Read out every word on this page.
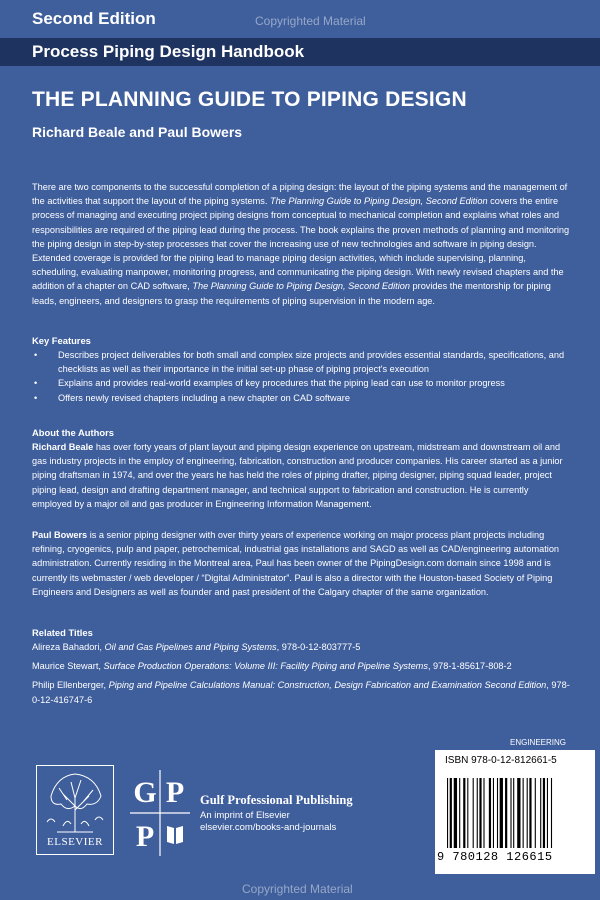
Second Edition	Copyrighted Material
Process Piping Design Handbook
THE PLANNING GUIDE TO PIPING DESIGN
Richard Beale and Paul Bowers

There are two components to the successful completion of a piping design: the layout of the piping systems and the management of the activities that support the layout of the piping systems. The Planning Guide to Piping Design, Second Edition covers the entire process of managing and executing project piping designs from conceptual to mechanical completion and explains what roles and responsibilities are required of the piping lead during the process. The book explains the proven methods of planning and monitoring the piping design in step-by-step processes that cover the increasing use of new technologies and software in piping design. Extended coverage is provided for the piping lead to manage piping design activities, which include supervising, planning, scheduling, evaluating manpower, monitoring progress, and communicating the piping design. With newly revised chapters and the addition of a chapter on CAD software, The Planning Guide to Piping Design, Second Edition provides the mentorship for piping leads, engineers, and designers to grasp the requirements of piping supervision in the modern age.

Key Features

• Describes project deliverables for both small and complex size projects and provides essential standards, specifications, and checklists as well as their importance in the initial set-up phase of piping project's execution
• Explains and provides real-world examples of key procedures that the piping lead can use to monitor progress
• Offers newly revised chapters including a new chapter on CAD software

About the Authors

Richard Beale has over forty years of plant layout and piping design experience on upstream, midstream and downstream oil and gas industry projects in the employ of engineering, fabrication, construction and producer companies. His career started as a junior piping draftsman in 1974, and over the years he has held the roles of piping drafter, piping designer, piping squad leader, project piping lead, design and drafting department manager, and technical support to fabrication and construction. He is currently employed by a major oil and gas producer in Engineering Information Management.

Paul Bowers is a senior piping designer with over thirty years of experience working on major process plant projects including refining, cryogenics, pulp and paper, petrochemical, industrial gas installations and SAGD as well as CAD/engineering automation administration. Currently residing in the Montreal area, Paul has been owner of the PipingDesign.com domain since 1998 and is currently its webmaster / web developer / “Digital Administrator”. Paul is also a director with the Houston-based Society of Piping Engineers and Designers as well as founder and past president of the Calgary chapter of the same organization.

Related Titles

Alireza Bahadori, Oil and Gas Pipelines and Piping Systems, 978-0-12-803777-5

Maurice Stewart, Surface Production Operations: Volume III: Facility Piping and Pipeline Systems, 978-1-85617-808-2

Philip Ellenberger, Piping and Pipeline Calculations Manual: Construction, Design Fabrication and Examination Second Edition, 978-0-12-416747-6

ENGINEERING
ISBN 978-0-12-812661-5
9 780128 126615
ELSEVIER
G P
P
Gulf Professional Publishing
An imprint of Elsevier
elsevier.com/books-and-journals
Copyrighted Material
